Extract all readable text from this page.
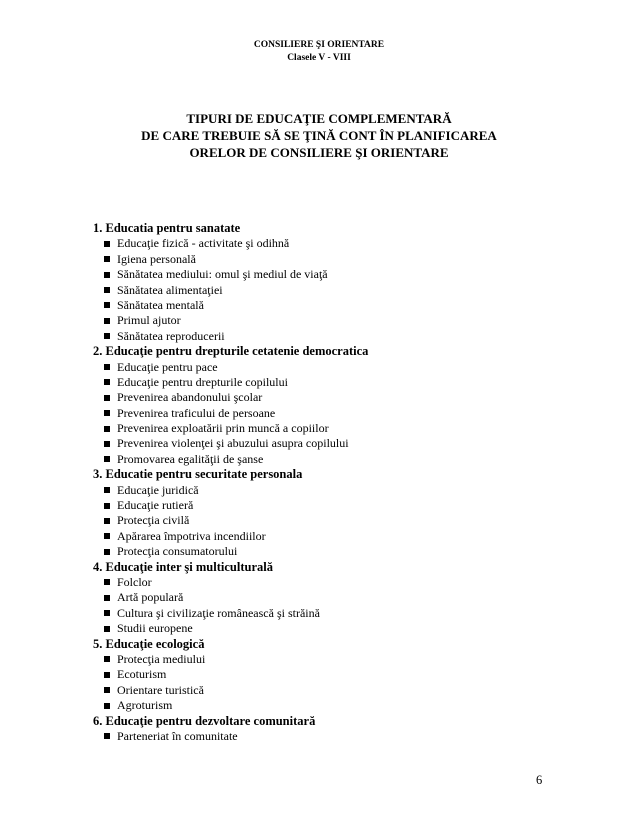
CONSILIERE ŞI ORIENTARE
Clasele V - VIII
TIPURI DE EDUCAŢIE COMPLEMENTARĂ
DE CARE TREBUIE SĂ SE ŢINĂ CONT ÎN PLANIFICAREA
ORELOR DE CONSILIERE ŞI ORIENTARE
1. Educatia pentru sanatate
Educaţie fizică - activitate şi odihnă
Igiena personală
Sănătatea mediului: omul şi mediul de viaţă
Sănătatea alimentaţiei
Sănătatea mentală
Primul ajutor
Sănătatea reproducerii
2. Educaţie pentru drepturile cetatenie democratica
Educaţie pentru pace
Educaţie pentru drepturile copilului
Prevenirea abandonului şcolar
Prevenirea traficului de persoane
Prevenirea exploatării prin muncă a copiilor
Prevenirea violenţei şi abuzului asupra copilului
Promovarea egalităţii de şanse
3. Educatie pentru securitate personala
Educaţie juridică
Educaţie rutieră
Protecţia civilă
Apărarea împotriva incendiilor
Protecţia consumatorului
4. Educaţie inter şi multiculturală
Folclor
Artă populară
Cultura şi civilizaţie românească şi străină
Studii europene
5. Educaţie ecologică
Protecţia mediului
Ecoturism
Orientare turistică
Agroturism
6. Educaţie pentru dezvoltare comunitară
Parteneriat în comunitate
6
